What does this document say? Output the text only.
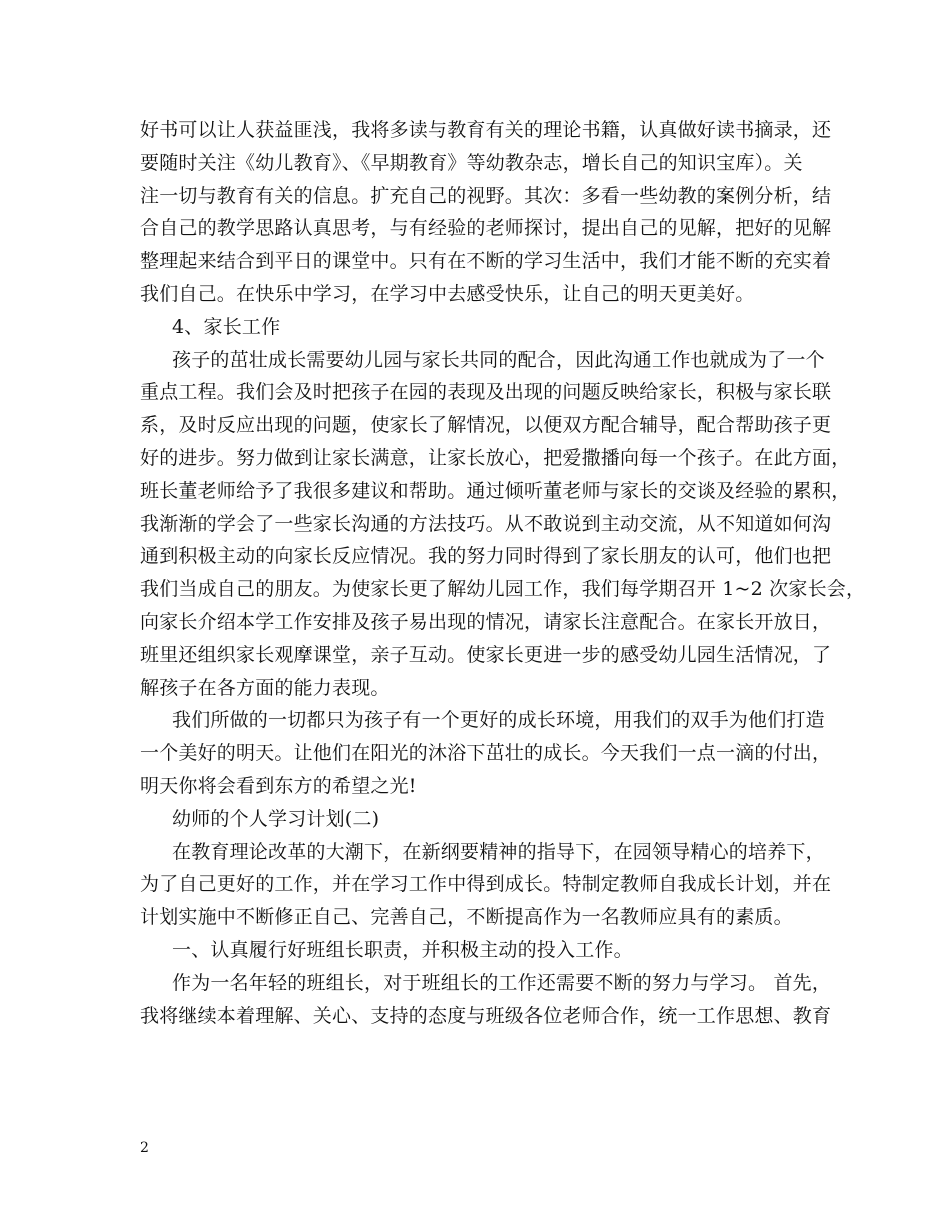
好书可以让人获益匪浅，我将多读与教育有关的理论书籍，认真做好读书摘录，还
要随时关注《幼儿教育》、《早期教育》等幼教杂志，增长自己的知识宝库）。关
注一切与教育有关的信息。扩充自己的视野。其次：多看一些幼教的案例分析，结
合自己的教学思路认真思考，与有经验的老师探讨，提出自己的见解，把好的见解
整理起来结合到平日的课堂中。只有在不断的学习生活中，我们才能不断的充实着
我们自己。在快乐中学习，在学习中去感受快乐，让自己的明天更美好。
4、家长工作
孩子的茁壮成长需要幼儿园与家长共同的配合，因此沟通工作也就成为了一个
重点工程。我们会及时把孩子在园的表现及出现的问题反映给家长，积极与家长联
系，及时反应出现的问题，使家长了解情况，以便双方配合辅导，配合帮助孩子更
好的进步。努力做到让家长满意，让家长放心，把爱撒播向每一个孩子。在此方面，
班长董老师给予了我很多建议和帮助。通过倾听董老师与家长的交谈及经验的累积，
我渐渐的学会了一些家长沟通的方法技巧。从不敢说到主动交流，从不知道如何沟
通到积极主动的向家长反应情况。我的努力同时得到了家长朋友的认可，他们也把
我们当成自己的朋友。为使家长更了解幼儿园工作，我们每学期召开 1~2 次家长会，
向家长介绍本学工作安排及孩子易出现的情况，请家长注意配合。在家长开放日，
班里还组织家长观摩课堂，亲子互动。使家长更进一步的感受幼儿园生活情况，了
解孩子在各方面的能力表现。
我们所做的一切都只为孩子有一个更好的成长环境，用我们的双手为他们打造
一个美好的明天。让他们在阳光的沐浴下茁壮的成长。今天我们一点一滴的付出，
明天你将会看到东方的希望之光!
幼师的个人学习计划(二)
在教育理论改革的大潮下，在新纲要精神的指导下，在园领导精心的培养下，
为了自己更好的工作，并在学习工作中得到成长。特制定教师自我成长计划，并在
计划实施中不断修正自己、完善自己，不断提高作为一名教师应具有的素质。
一、认真履行好班组长职责，并积极主动的投入工作。
作为一名年轻的班组长，对于班组长的工作还需要不断的努力与学习。 首先，
我将继续本着理解、关心、支持的态度与班级各位老师合作，统一工作思想、教育
2
